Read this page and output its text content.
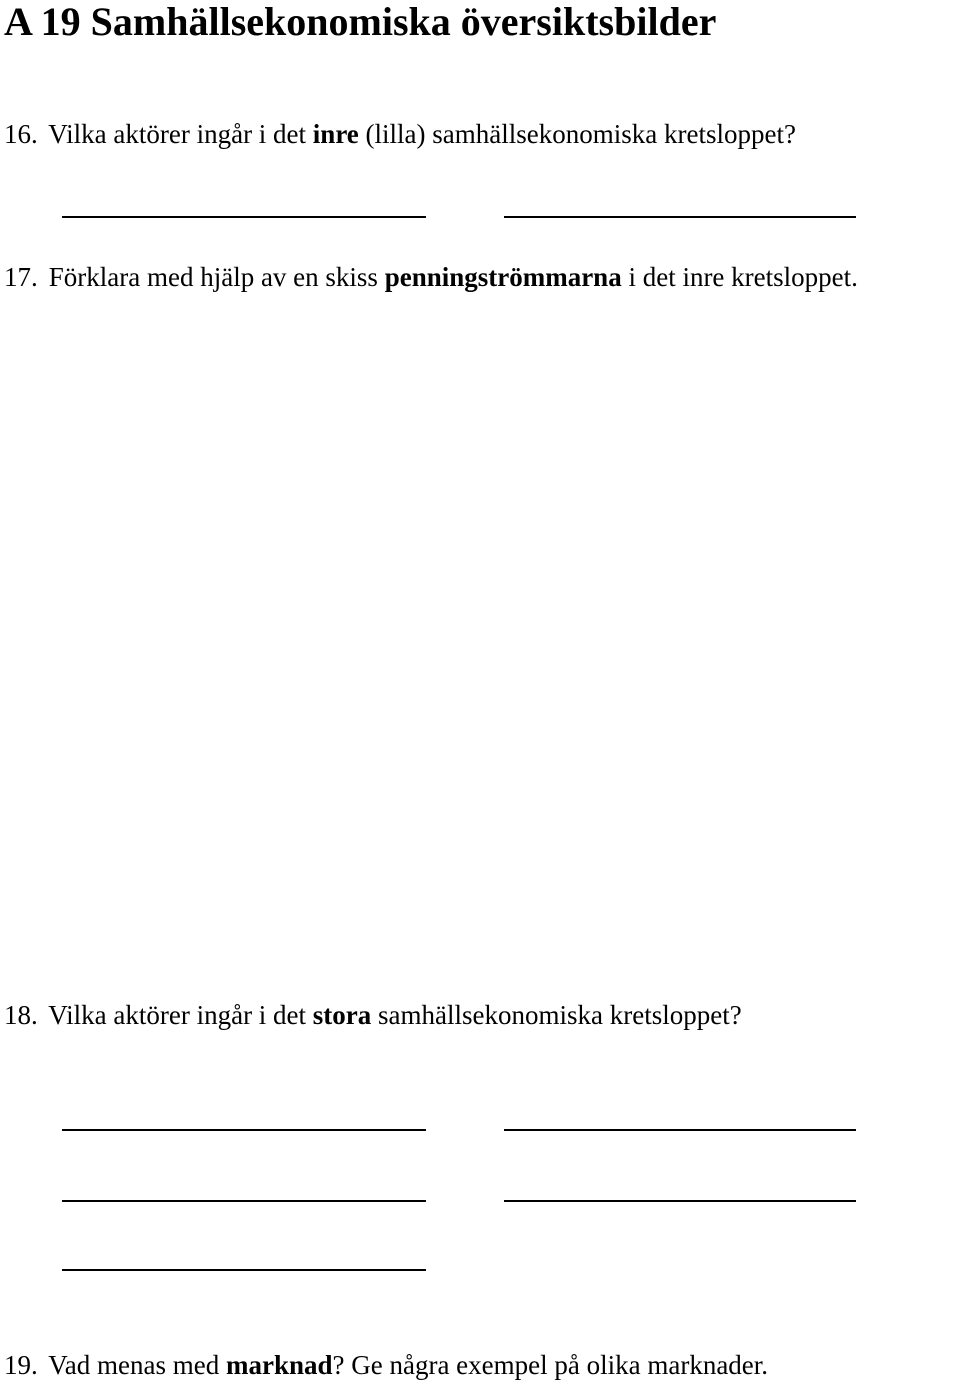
A 19 Samhällsekonomiska översiktsbilder

16. Vilka aktörer ingår i det inre (lilla) samhällsekonomiska kretsloppet?

17. Förklara med hjälp av en skiss penningströmmarna i det inre kretsloppet.

18. Vilka aktörer ingår i det stora samhällsekonomiska kretsloppet?

19. Vad menas med marknad? Ge några exempel på olika marknader.
